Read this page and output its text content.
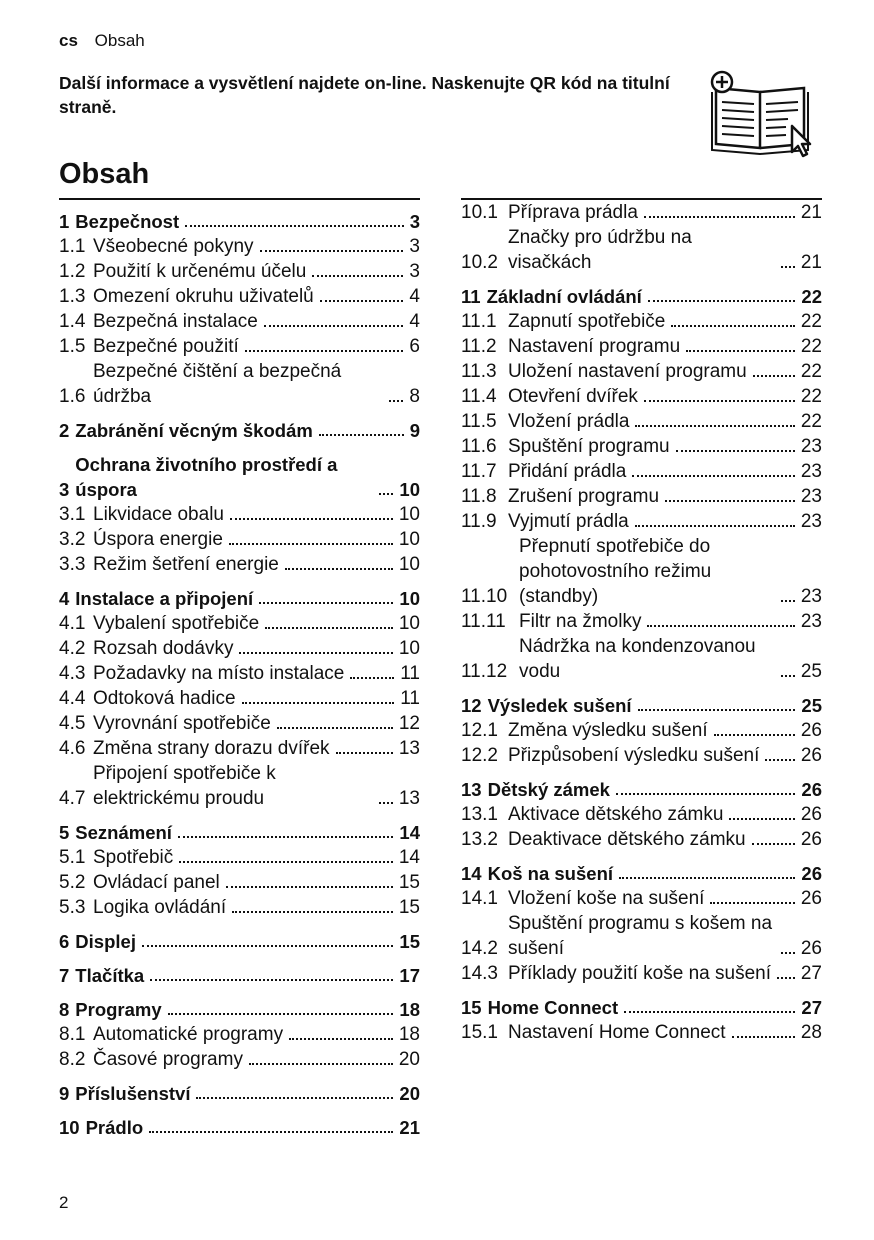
cs Obsah
Další informace a vysvětlení najdete on-line. Naskenujte QR kód na titulní straně.
Obsah
1 Bezpečnost	3
1.1 Všeobecné pokyny	3
1.2 Použití k určenému účelu	3
1.3 Omezení okruhu uživatelů	4
1.4 Bezpečná instalace	4
1.5 Bezpečné použití	6
1.6
Bezpečné čištění a bezpečná údržba	8
2 Zabránění věcným škodám	9
3
Ochrana životního prostředí a úspora	10
3.1 Likvidace obalu	10
3.2 Úspora energie	10
3.3 Režim šetření energie	10
4 Instalace a připojení	10
4.1 Vybalení spotřebiče	10
4.2 Rozsah dodávky	10
4.3 Požadavky na místo instalace	11
4.4 Odtoková hadice	11
4.5 Vyrovnání spotřebiče	12
4.6 Změna strany dorazu dvířek	13
4.7
Připojení spotřebiče k elektrickému proudu	13
5 Seznámení	14
5.1 Spotřebič	14
5.2 Ovládací panel	15
5.3 Logika ovládání	15
6 Displej	15
7 Tlačítka	17
8 Programy	18
8.1 Automatické programy	18
8.2 Časové programy	20
9 Příslušenství	20
10 Prádlo	21
10.1 Příprava prádla	21
10.2
Značky pro údržbu na visačkách	21
11 Základní ovládání	22
11.1 Zapnutí spotřebiče	22
11.2 Nastavení programu	22
11.3 Uložení nastavení programu	22
11.4 Otevření dvířek	22
11.5 Vložení prádla	22
11.6 Spuštění programu	23
11.7 Přidání prádla	23
11.8 Zrušení programu	23
11.9 Vyjmutí prádla	23
11.10
Přepnutí spotřebiče do pohotovostního režimu (standby)	23
11.11 Filtr na žmolky	23
11.12
Nádržka na kondenzovanou vodu	25
12 Výsledek sušení	25
12.1 Změna výsledku sušení	26
12.2 Přizpůsobení výsledku sušení 26
13 Dětský zámek	26
13.1 Aktivace dětského zámku	26
13.2 Deaktivace dětského zámku	26
14 Koš na sušení	26
14.1 Vložení koše na sušení	26
14.2
Spuštění programu s košem na sušení	26
14.3 Příklady použití koše na sušení 27
15 Home Connect	27
15.1 Nastavení Home Connect	28
2
